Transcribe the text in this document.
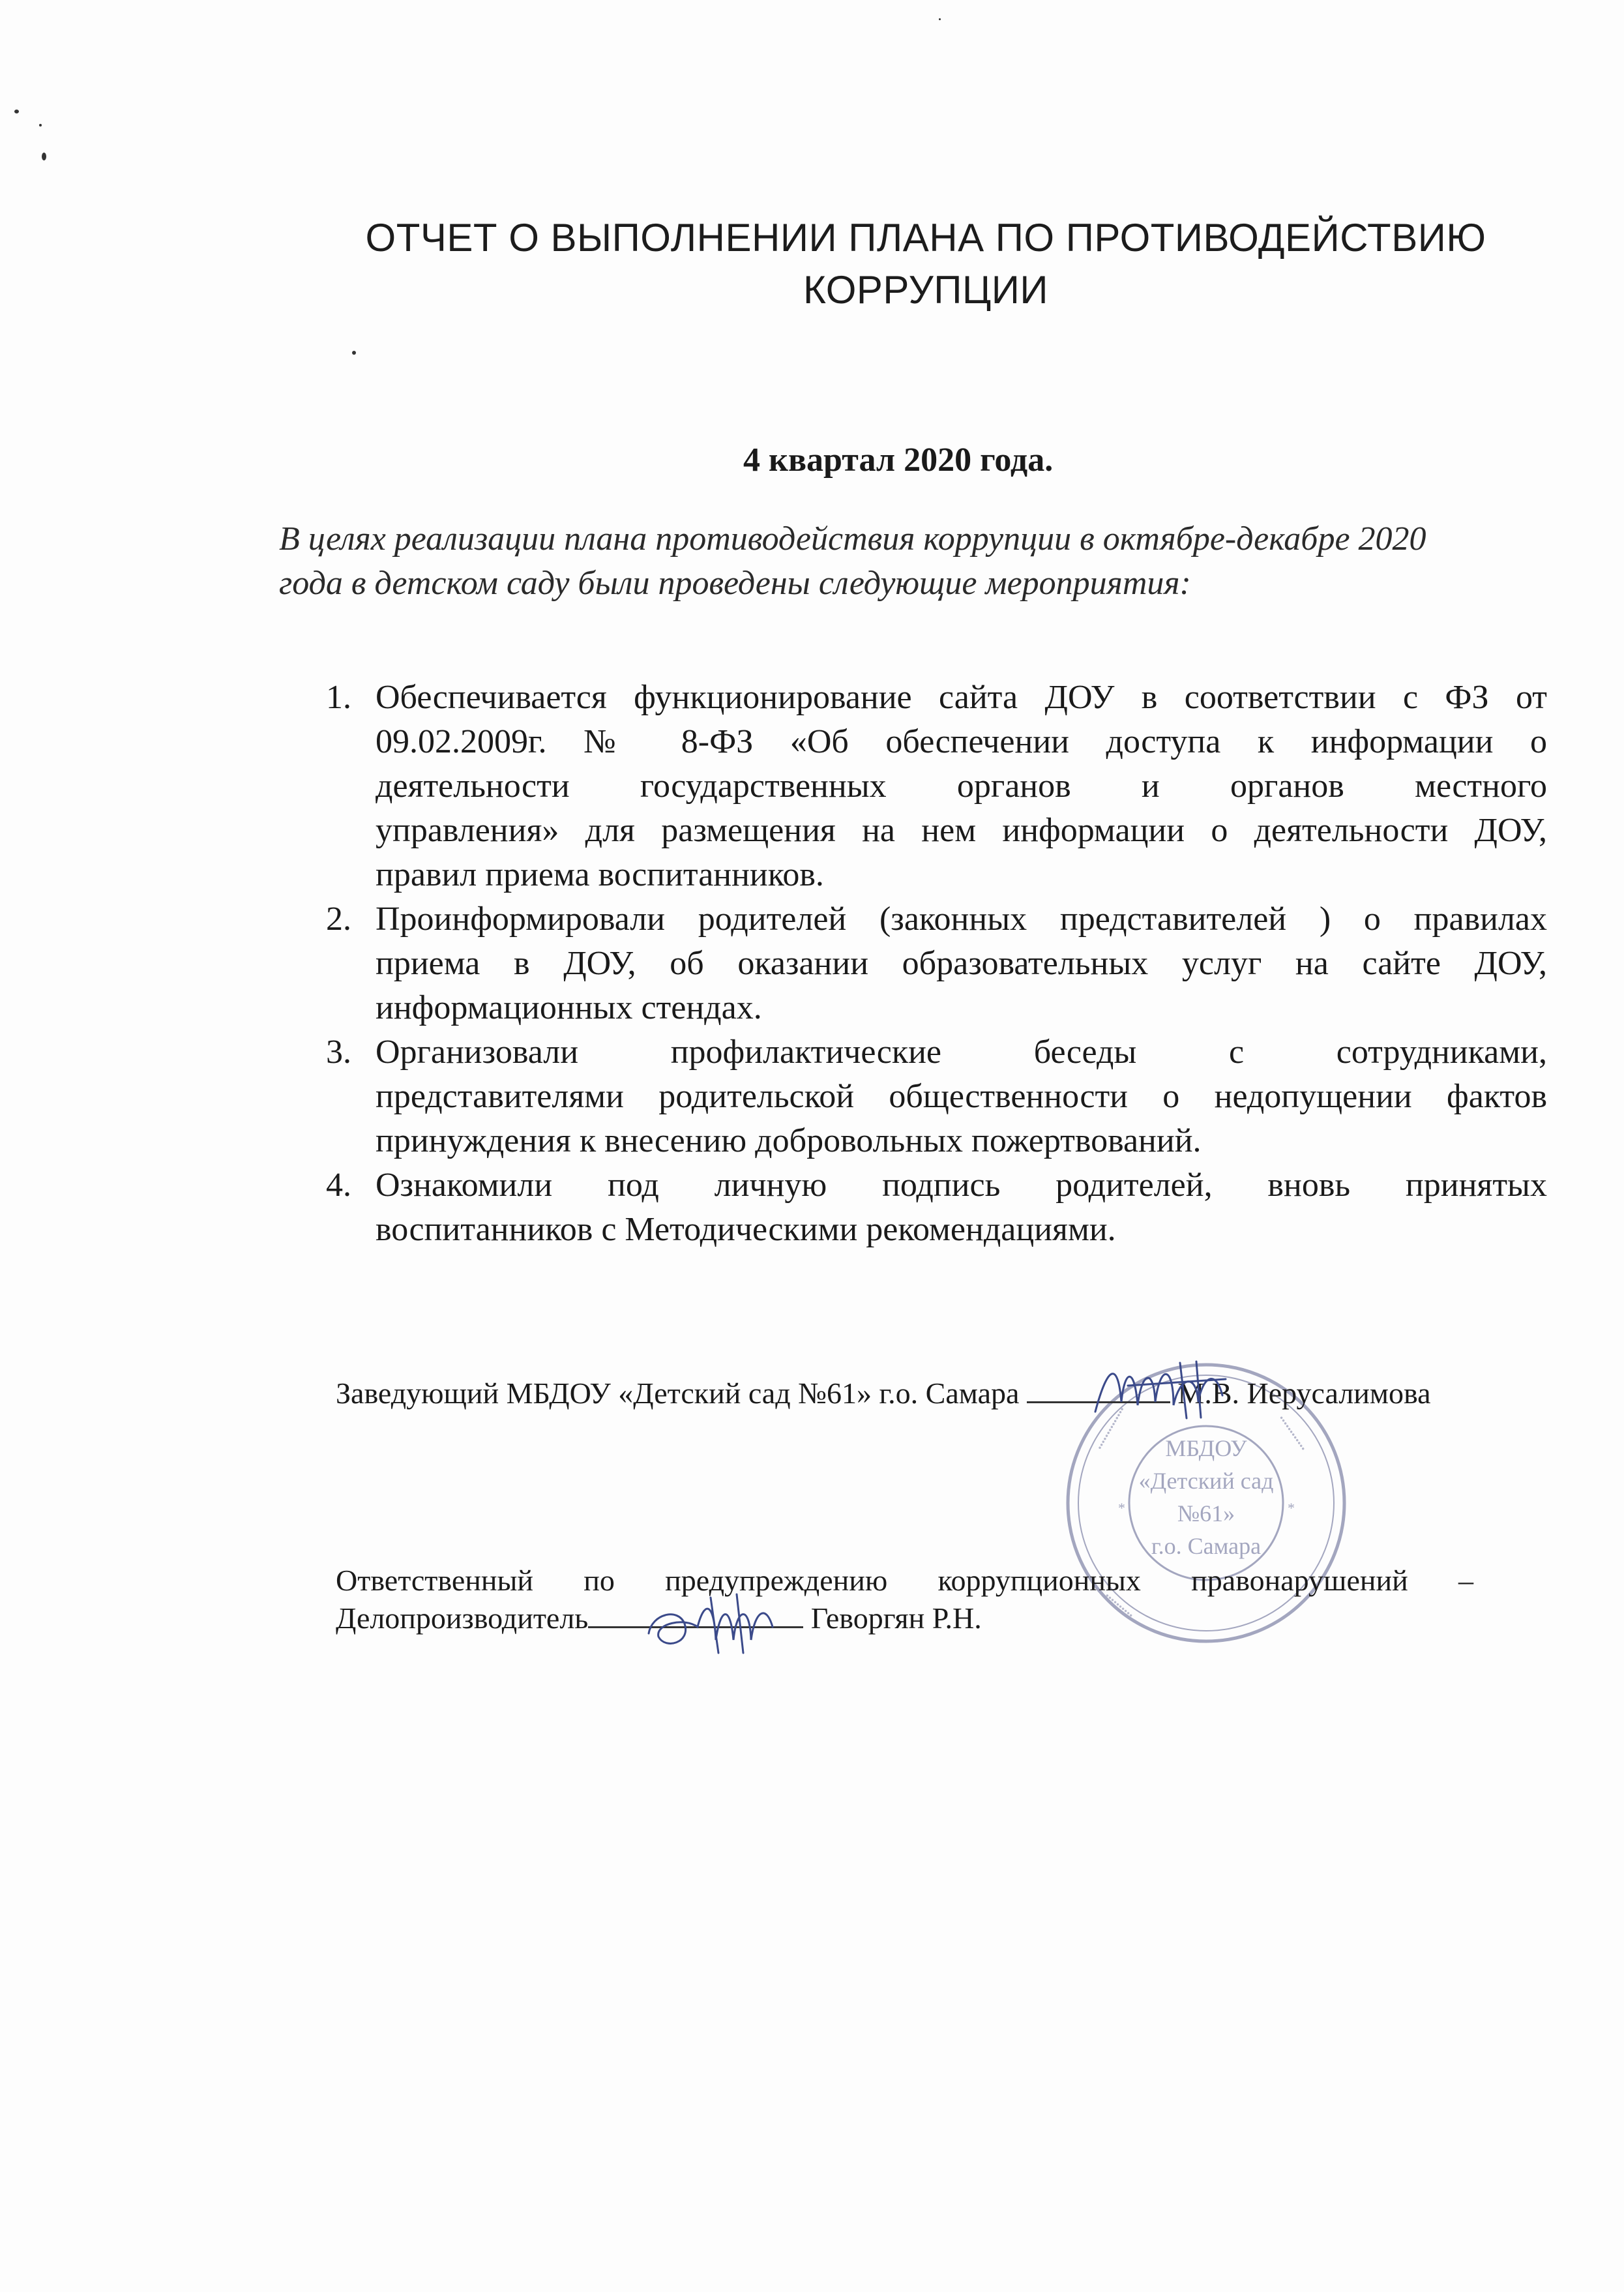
ОТЧЕТ О ВЫПОЛНЕНИИ ПЛАНА ПО ПРОТИВОДЕЙСТВИЮ
КОРРУПЦИИ
4 квартал 2020 года.
В целях реализации плана противодействия коррупции в октябре-декабре 2020
года в детском саду были проведены следующие мероприятия:
1. Обеспечивается функционирование сайта ДОУ в соответствии с ФЗ от
09.02.2009г. № 8-ФЗ «Об обеспечении доступа к информации о
деятельности государственных органов и органов местного
управления» для размещения на нем информации о деятельности ДОУ,
правил приема воспитанников.
2. Проинформировали родителей (законных представителей ) о правилах
приема в ДОУ, об оказании образовательных услуг на сайте ДОУ,
информационных стендах.
3. Организовали профилактические беседы с сотрудниками,
представителями родительской общественности о недопущении фактов
принуждения к внесению добровольных пожертвований.
4. Ознакомили под личную подпись родителей, вновь принятых
воспитанников с Методическими рекомендациями.
••••••••••••••	••••••••••••
••••••••••
*	*
МБДОУ
«Детский сад
№61»
г.о. Самара
Заведующий МБДОУ «Детский сад №61» г.о. Самара	М.В. Иерусалимова
Ответственный по предупреждению коррупционных правонарушений –
Делопроизводитель	Геворгян Р.Н.
